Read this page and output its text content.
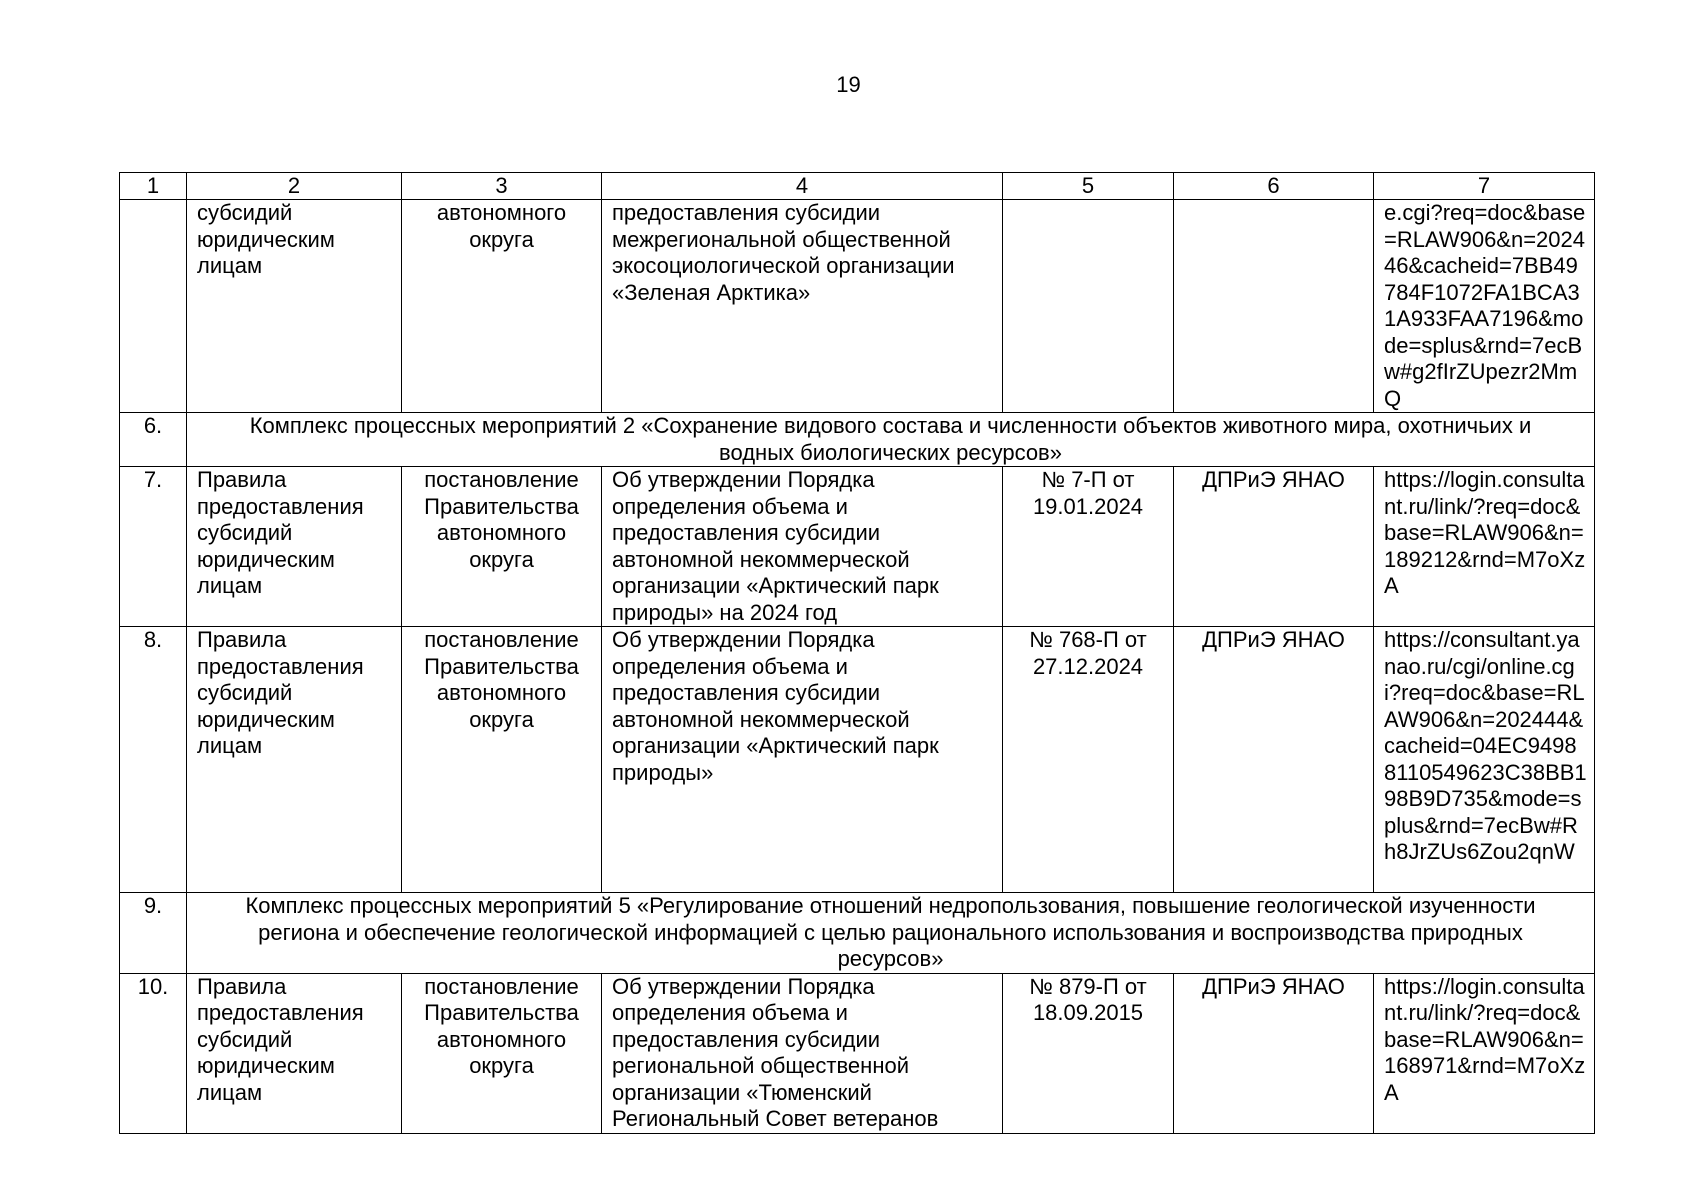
19
1	2	3	4	5	6	7
	субсидий юридическим лицам	автономного округа	предоставления субсидии межрегиональной общественной экосоциологической организации «Зеленая Арктика»			e.cgi?req=doc&base=RLAW906&n=202446&cacheid=7BB49784F1072FA1BCA31A933FAA7196&mode=splus&rnd=7ecBw#g2fIrZUpezr2MmQ
6.	Комплекс процессных мероприятий 2 «Сохранение видового состава и численности объектов животного мира, охотничьих и водных биологических ресурсов»					
7.	Правила предоставления субсидий юридическим лицам	постановление Правительства автономного округа	Об утверждении Порядка определения объема и предоставления субсидии автономной некоммерческой организации «Арктический парк природы» на 2024 год	№ 7-П от 19.01.2024	ДПРиЭ ЯНАО	https://login.consultant.ru/link/?req=doc&base=RLAW906&n=189212&rnd=M7oXzA
8.	Правила предоставления субсидий юридическим лицам	постановление Правительства автономного округа	Об утверждении Порядка определения объема и предоставления субсидии автономной некоммерческой организации «Арктический парк природы»	№ 768-П от 27.12.2024	ДПРиЭ ЯНАО	https://consultant.yanao.ru/cgi/online.cgi?req=doc&base=RLAW906&n=202444&cacheid=04EC94988110549623C38BB198B9D735&mode=splus&rnd=7ecBw#Rh8JrZUs6Zou2qnW
9.	Комплекс процессных мероприятий 5 «Регулирование отношений недропользования, повышение геологической изученности региона и обеспечение геологической информацией с целью рационального использования и воспроизводства природных ресурсов»					
10.	Правила предоставления субсидий юридическим лицам	постановление Правительства автономного округа	Об утверждении Порядка определения объема и предоставления субсидии региональной общественной организации «Тюменский Региональный Совет ветеранов	№ 879-П от 18.09.2015	ДПРиЭ ЯНАО	https://login.consultant.ru/link/?req=doc&base=RLAW906&n=168971&rnd=M7oXzA
